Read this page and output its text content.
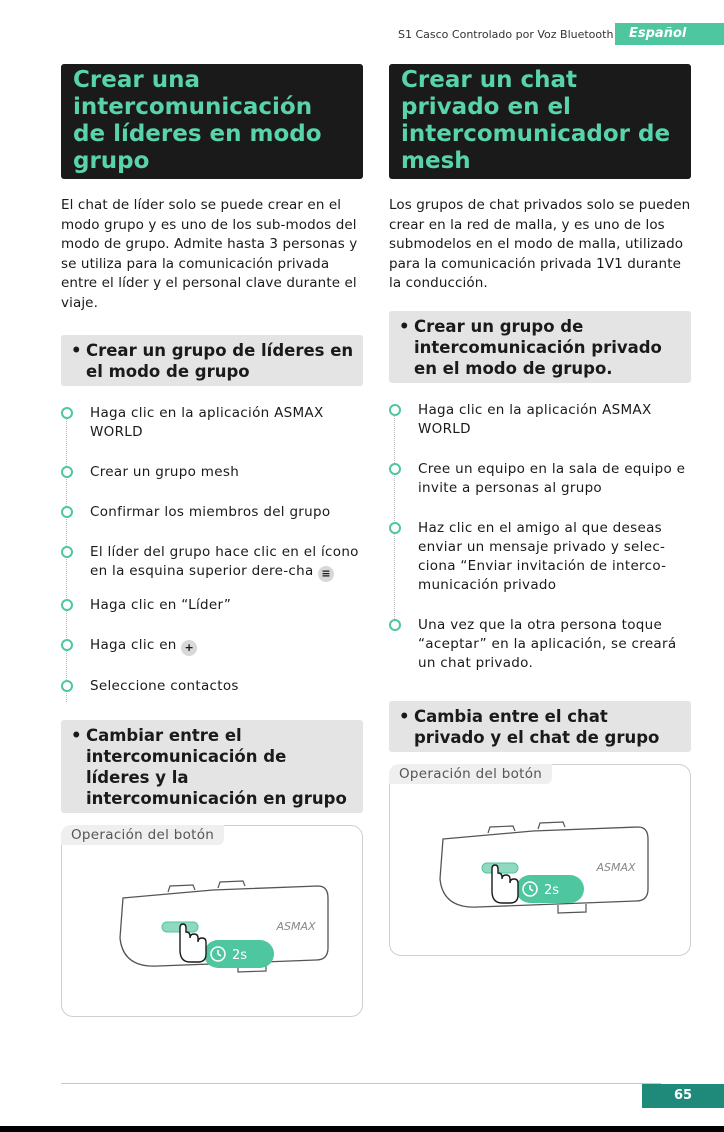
S1 Casco Controlado por Voz Bluetooth	Español
Crear una intercomunicación de líderes en modo grupo
El chat de líder solo se puede crear en el modo grupo y es uno de los sub-modos del modo de grupo. Admite hasta 3 personas y se utiliza para la comunicación privada entre el líder y el personal clave durante el viaje.
• Crear un grupo de líderes en el modo de grupo
Haga clic en la aplicación ASMAX WORLD
Crear un grupo mesh
Confirmar los miembros del grupo
El líder del grupo hace clic en el ícono en la esquina superior dere-cha ≡
Haga clic en “Líder”
Haga clic en +
Seleccione contactos
• Cambiar entre el intercomunicación de líderes y la intercomunicación en grupo
Operación del botón
ASMAX
2s
Crear un chat privado en el intercomunicador de mesh
Los grupos de chat privados solo se pueden crear en la red de malla, y es uno de los submodelos en el modo de malla, utilizado para la comunicación privada 1V1 durante la conducción.
• Crear un grupo de intercomunicación privado en el modo de grupo.
Haga clic en la aplicación ASMAX WORLD
Cree un equipo en la sala de equipo e invite a personas al grupo
Haz clic en el amigo al que deseas enviar un mensaje privado y selec-ciona “Enviar invitación de interco-municación privado
Una vez que la otra persona toque “aceptar” en la aplicación, se creará un chat privado.
• Cambia entre el chat privado y el chat de grupo
Operación del botón
ASMAX
2s
65
